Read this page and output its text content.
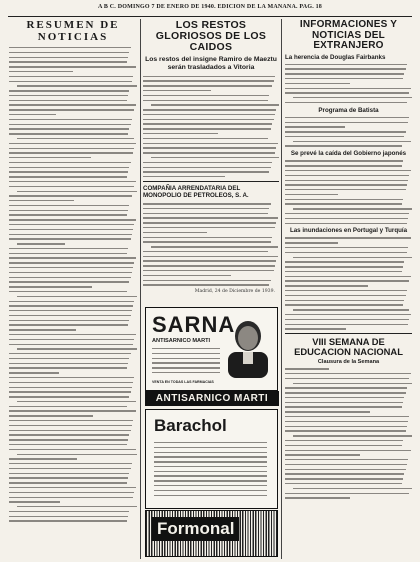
A B C. DOMINGO 7 DE ENERO DE 1940. EDICION DE LA MAÑANA. PAG. 18
RESUMEN DE
NOTICIAS
LOS RESTOS GLORIOSOS DE LOS CAIDOS
Los restos del insigne Ramiro de Maeztu serán trasladados a Vitoria
COMPAÑIA ARRENDATARIA DEL MONOPOLIO DE PETROLEOS, S. A.
Madrid, 24 de Diciembre de 1939.
SARNA
ANTISARNICO MARTI
VENTA EN TODAS LAS FARMACIAS
ANTISARNICO MARTI
Barachol
Formonal
INFORMACIONES Y NOTICIAS DEL EXTRANJERO
La herencia de Douglas Fairbanks
Programa de Batista
Se prevé la caída del Gobierno japonés
Las inundaciones en Portugal y Turquía
VIII SEMANA DE EDUCACION NACIONAL
Clausura de la Semana
